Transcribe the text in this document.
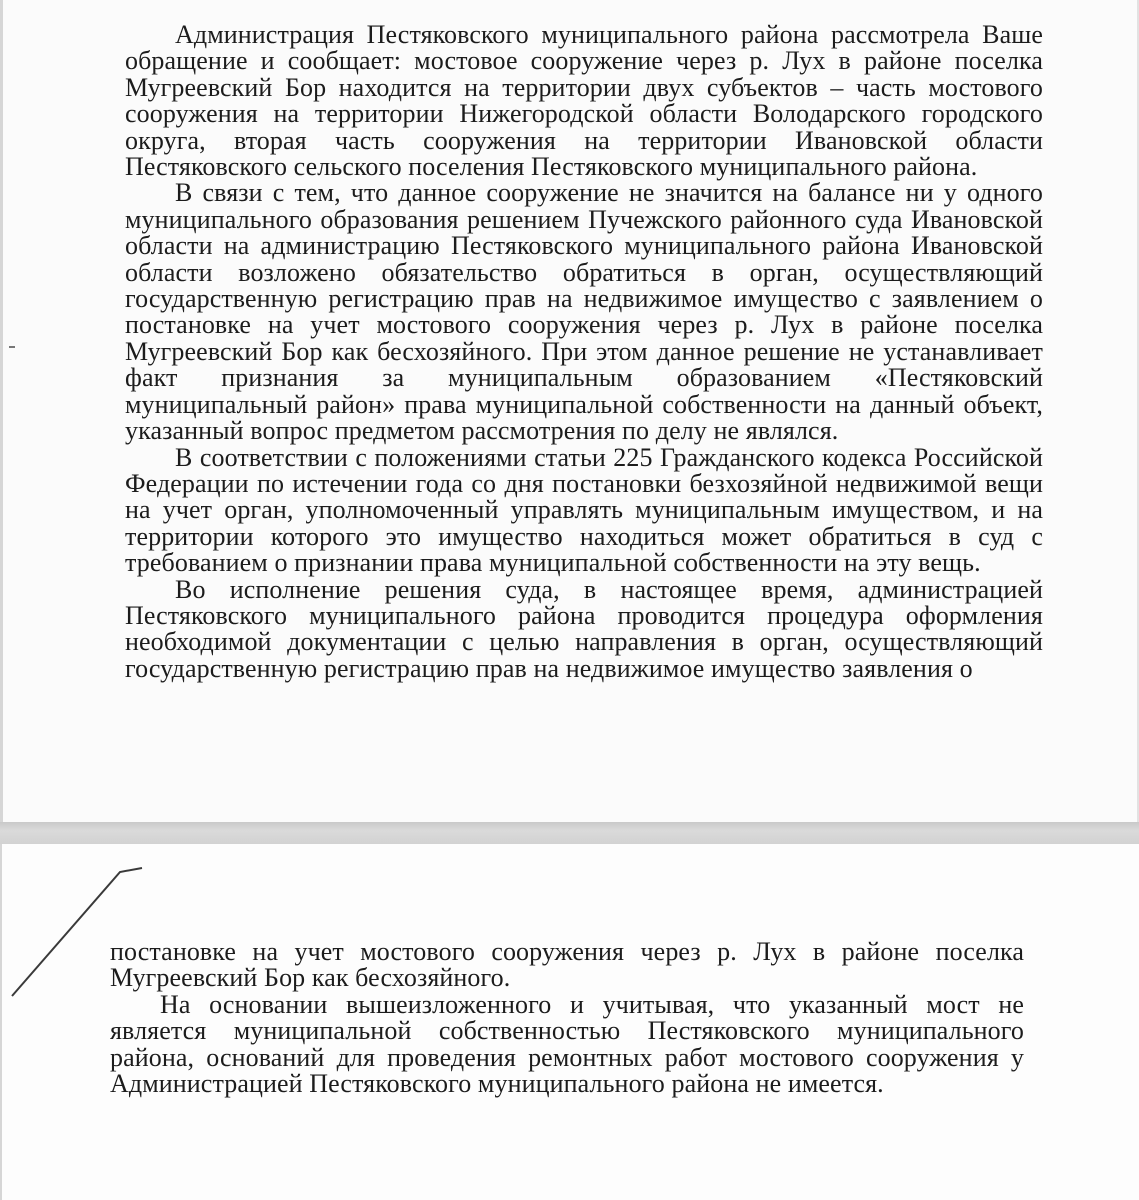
Администрация Пестяковского муниципального района рассмотрела Ваше обращение и сообщает: мостовое сооружение через р. Лух в районе поселка Мугреевский Бор находится на территории двух субъектов – часть мостового сооружения на территории Нижегородской области Володарского городского округа, вторая часть сооружения на территории Ивановской области Пестяковского сельского поселения Пестяковского муниципального района.

В связи с тем, что данное сооружение не значится на балансе ни у одного муниципального образования решением Пучежского районного суда Ивановской области на администрацию Пестяковского муниципального района Ивановской области возложено обязательство обратиться в орган, осуществляющий государственную регистрацию прав на недвижимое имущество с заявлением о постановке на учет мостового сооружения через р. Лух в районе поселка Мугреевский Бор как бесхозяйного. При этом данное решение не устанавливает факт признания за муниципальным образованием «Пестяковский муниципальный район» права муниципальной собственности на данный объект, указанный вопрос предметом рассмотрения по делу не являлся.

В соответствии с положениями статьи 225 Гражданского кодекса Российской Федерации по истечении года со дня постановки безхозяйной недвижимой вещи на учет орган, уполномоченный управлять муниципальным имуществом, и на территории которого это имущество находиться может обратиться в суд с требованием о признании права муниципальной собственности на эту вещь.

Во исполнение решения суда, в настоящее время, администрацией Пестяковского муниципального района проводится процедура оформления необходимой документации с целью направления в орган, осуществляющий государственную регистрацию прав на недвижимое имущество заявления о

постановке на учет мостового сооружения через р. Лух в районе поселка Мугреевский Бор как бесхозяйного.

На основании вышеизложенного и учитывая, что указанный мост не является муниципальной собственностью Пестяковского муниципального района, оснований для проведения ремонтных работ мостового сооружения у Администрацией Пестяковского муниципального района не имеется.
